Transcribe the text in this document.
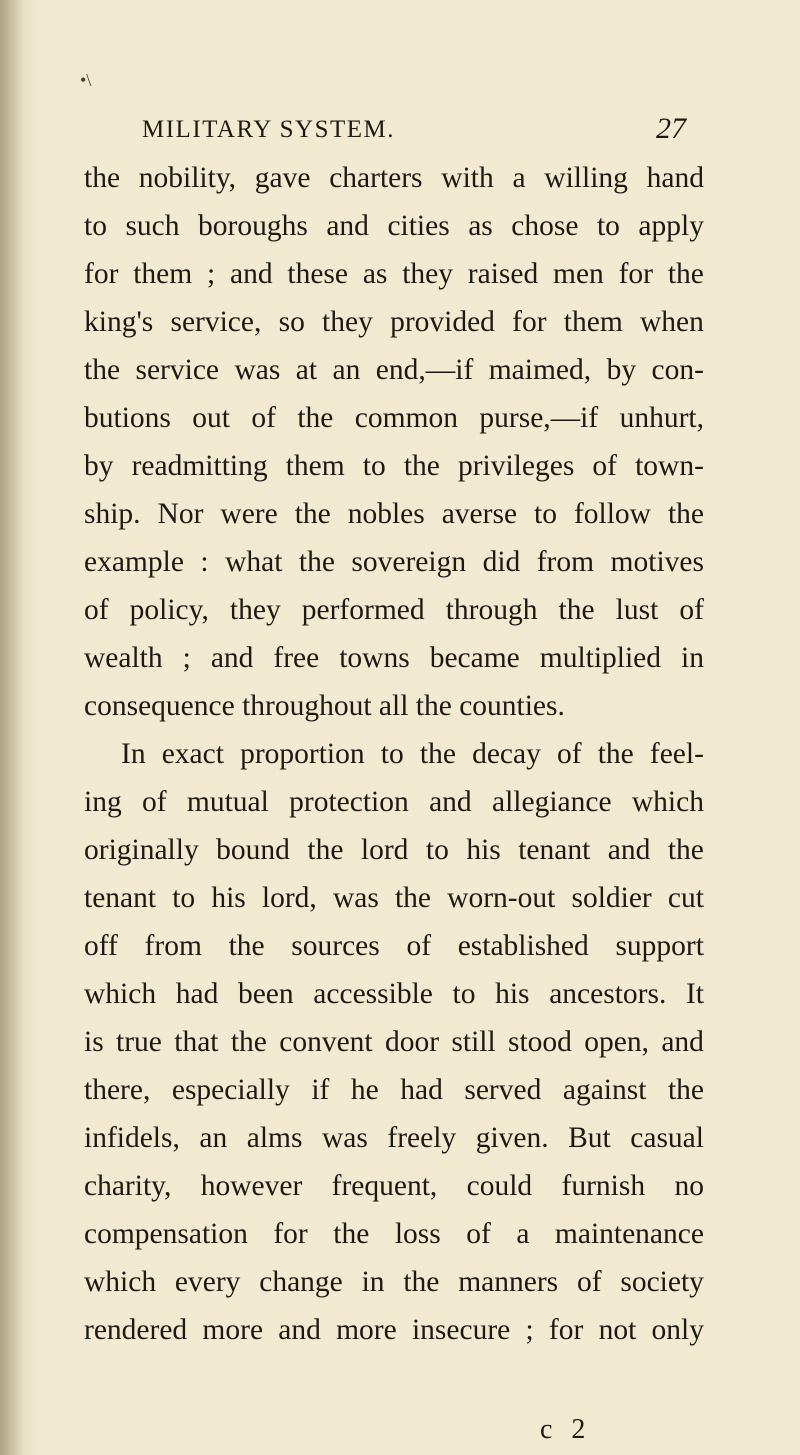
•\
MILITARY SYSTEM.	27
the nobility, gave charters with a willing hand
to such boroughs and cities as chose to apply
for them ; and these as they raised men for the
king's service, so they provided for them when
the service was at an end,—if maimed, by con-
butions out of the common purse,—if unhurt,
by readmitting them to the privileges of town-
ship. Nor were the nobles averse to follow the
example : what the sovereign did from motives
of policy, they performed through the lust of
wealth ; and free towns became multiplied in
consequence throughout all the counties.
In exact proportion to the decay of the feel-
ing of mutual protection and allegiance which
originally bound the lord to his tenant and the
tenant to his lord, was the worn-out soldier cut
off from the sources of established support
which had been accessible to his ancestors. It
is true that the convent door still stood open, and
there, especially if he had served against the
infidels, an alms was freely given. But casual
charity, however frequent, could furnish no
compensation for the loss of a maintenance
which every change in the manners of society
rendered more and more insecure ; for not only
c 2
